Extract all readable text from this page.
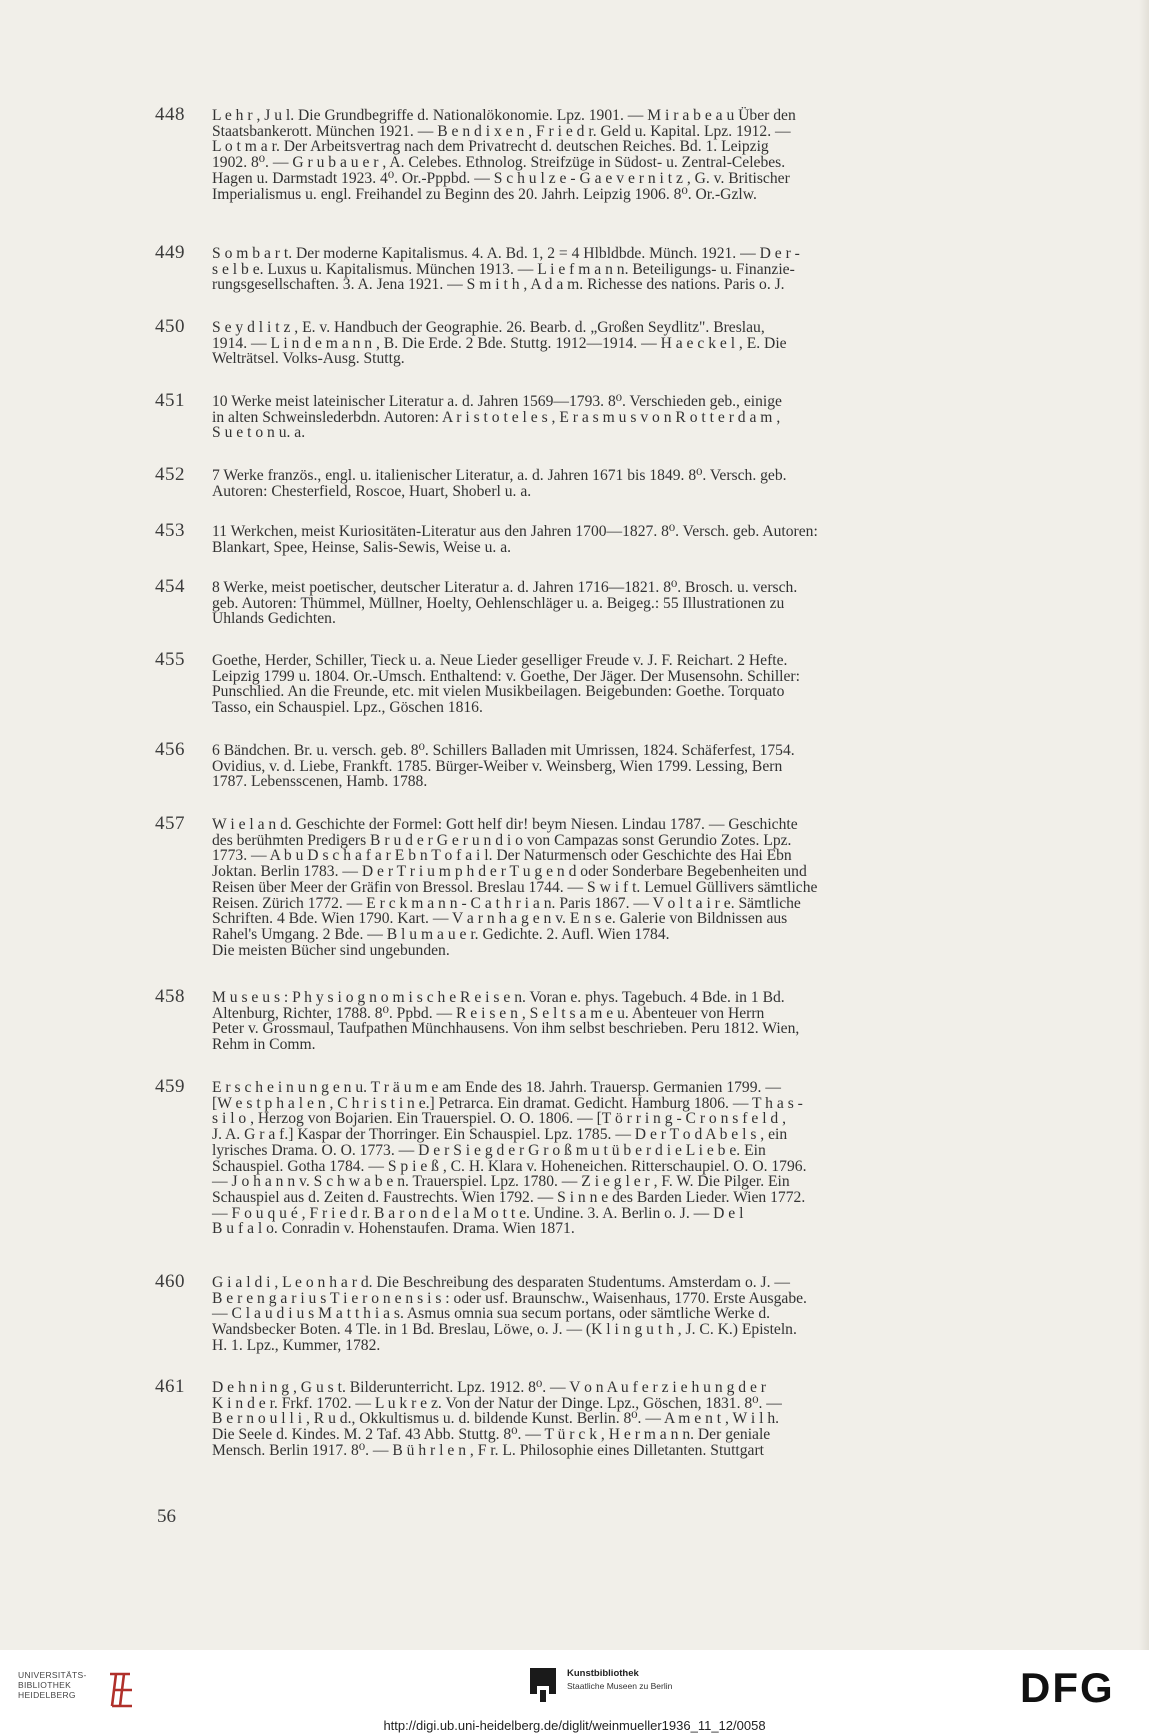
448	L e h r , J u l. Die Grundbegriffe d. Nationalökonomie. Lpz. 1901. — M i r a b e a u Über den
Staatsbankerott. München 1921. — B e n d i x e n , F r i e d r. Geld u. Kapital. Lpz. 1912. —
L o t m a r. Der Arbeitsvertrag nach dem Privatrecht d. deutschen Reiches. Bd. 1. Leipzig
1902. 8⁰. — G r u b a u e r , A. Celebes. Ethnolog. Streifzüge in Südost- u. Zentral-Celebes.
Hagen u. Darmstadt 1923. 4⁰. Or.-Pppbd. — S c h u l z e - G a e v e r n i t z , G. v. Britischer
Imperialismus u. engl. Freihandel zu Beginn des 20. Jahrh. Leipzig 1906. 8⁰. Or.-Gzlw.
449	S o m b a r t. Der moderne Kapitalismus. 4. A. Bd. 1, 2 = 4 Hlbldbde. Münch. 1921. — D e r -
s e l b e. Luxus u. Kapitalismus. München 1913. — L i e f m a n n. Beteiligungs- u. Finanzie-
rungsgesellschaften. 3. A. Jena 1921. — S m i t h , A d a m. Richesse des nations. Paris o. J.
450	S e y d l i t z , E. v. Handbuch der Geographie. 26. Bearb. d. „Großen Seydlitz". Breslau,
1914. — L i n d e m a n n , B. Die Erde. 2 Bde. Stuttg. 1912—1914. — H a e c k e l , E. Die
Welträtsel. Volks-Ausg. Stuttg.
451	10 Werke meist lateinischer Literatur a. d. Jahren 1569—1793. 8⁰. Verschieden geb., einige
in alten Schweinslederbdn. Autoren: A r i s t o t e l e s , E r a s m u s v o n R o t t e r d a m ,
S u e t o n u. a.
452	7 Werke französ., engl. u. italienischer Literatur, a. d. Jahren 1671 bis 1849. 8⁰. Versch. geb.
Autoren: Chesterfield, Roscoe, Huart, Shoberl u. a.
453	11 Werkchen, meist Kuriositäten-Literatur aus den Jahren 1700—1827. 8⁰. Versch. geb. Autoren:
Blankart, Spee, Heinse, Salis-Sewis, Weise u. a.
454	8 Werke, meist poetischer, deutscher Literatur a. d. Jahren 1716—1821. 8⁰. Brosch. u. versch.
geb. Autoren: Thümmel, Müllner, Hoelty, Oehlenschläger u. a. Beigeg.: 55 Illustrationen zu
Uhlands Gedichten.
455	Goethe, Herder, Schiller, Tieck u. a. Neue Lieder geselliger Freude v. J. F. Reichart. 2 Hefte.
Leipzig 1799 u. 1804. Or.-Umsch. Enthaltend: v. Goethe, Der Jäger. Der Musensohn. Schiller:
Punschlied. An die Freunde, etc. mit vielen Musikbeilagen. Beigebunden: Goethe. Torquato
Tasso, ein Schauspiel. Lpz., Göschen 1816.
456	6 Bändchen. Br. u. versch. geb. 8⁰. Schillers Balladen mit Umrissen, 1824. Schäferfest, 1754.
Ovidius, v. d. Liebe, Frankft. 1785. Bürger-Weiber v. Weinsberg, Wien 1799. Lessing, Bern
1787. Lebensscenen, Hamb. 1788.
457	W i e l a n d. Geschichte der Formel: Gott helf dir! beym Niesen. Lindau 1787. — Geschichte
des berühmten Predigers B r u d e r G e r u n d i o von Campazas sonst Gerundio Zotes. Lpz.
1773. — A b u D s c h a f a r E b n T o f a i l. Der Naturmensch oder Geschichte des Hai Ebn
Joktan. Berlin 1783. — D e r T r i u m p h d e r T u g e n d oder Sonderbare Begebenheiten und
Reisen über Meer der Gräfin von Bressol. Breslau 1744. — S w i f t. Lemuel Güllivers sämtliche
Reisen. Zürich 1772. — E r c k m a n n - C a t h r i a n. Paris 1867. — V o l t a i r e. Sämtliche
Schriften. 4 Bde. Wien 1790. Kart. — V a r n h a g e n v. E n s e. Galerie von Bildnissen aus
Rahel's Umgang. 2 Bde. — B l u m a u e r. Gedichte. 2. Aufl. Wien 1784.
Die meisten Bücher sind ungebunden.
458	M u s e u s : P h y s i o g n o m i s c h e R e i s e n. Voran e. phys. Tagebuch. 4 Bde. in 1 Bd.
Altenburg, Richter, 1788. 8⁰. Ppbd. — R e i s e n , S e l t s a m e u. Abenteuer von Herrn
Peter v. Grossmaul, Taufpathen Münchhausens. Von ihm selbst beschrieben. Peru 1812. Wien,
Rehm in Comm.
459	E r s c h e i n u n g e n u. T r ä u m e am Ende des 18. Jahrh. Trauersp. Germanien 1799. —
[W e s t p h a l e n , C h r i s t i n e.] Petrarca. Ein dramat. Gedicht. Hamburg 1806. — T h a s -
s i l o , Herzog von Bojarien. Ein Trauerspiel. O. O. 1806. — [T ö r r i n g - C r o n s f e l d ,
J. A. G r a f.] Kaspar der Thorringer. Ein Schauspiel. Lpz. 1785. — D e r T o d A b e l s , ein
lyrisches Drama. O. O. 1773. — D e r S i e g d e r G r o ß m u t ü b e r d i e L i e b e. Ein
Schauspiel. Gotha 1784. — S p i e ß , C. H. Klara v. Hoheneichen. Ritterschaupiel. O. O. 1796.
— J o h a n n v. S c h w a b e n. Trauerspiel. Lpz. 1780. — Z i e g l e r , F. W. Die Pilger. Ein
Schauspiel aus d. Zeiten d. Faustrechts. Wien 1792. — S i n n e des Barden Lieder. Wien 1772.
— F o u q u é , F r i e d r. B a r o n d e l a M o t t e. Undine. 3. A. Berlin o. J. — D e l
B u f a l o. Conradin v. Hohenstaufen. Drama. Wien 1871.
460	G i a l d i , L e o n h a r d. Die Beschreibung des desparaten Studentums. Amsterdam o. J. —
B e r e n g a r i u s T i e r o n e n s i s : oder usf. Braunschw., Waisenhaus, 1770. Erste Ausgabe.
— C l a u d i u s M a t t h i a s. Asmus omnia sua secum portans, oder sämtliche Werke d.
Wandsbecker Boten. 4 Tle. in 1 Bd. Breslau, Löwe, o. J. — (K l i n g u t h , J. C. K.) Episteln.
H. 1. Lpz., Kummer, 1782.
461	D e h n i n g , G u s t. Bilderunterricht. Lpz. 1912. 8⁰. — V o n A u f e r z i e h u n g d e r
K i n d e r. Frkf. 1702. — L u k r e z. Von der Natur der Dinge. Lpz., Göschen, 1831. 8⁰. —
B e r n o u l l i , R u d., Okkultismus u. d. bildende Kunst. Berlin. 8⁰. — A m e n t , W i l h.
Die Seele d. Kindes. M. 2 Taf. 43 Abb. Stuttg. 8⁰. — T ü r c k , H e r m a n n. Der geniale
Mensch. Berlin 1917. 8⁰. — B ü h r l e n , F r. L. Philosophie eines Dilletanten. Stuttgart
56
UNIVERSITÄTS-
BIBLIOTHEK
HEIDELBERG
Kunstbibliothek
Staatliche Museen zu Berlin	DFG
http://digi.ub.uni-heidelberg.de/diglit/weinmueller1936_11_12/0058
